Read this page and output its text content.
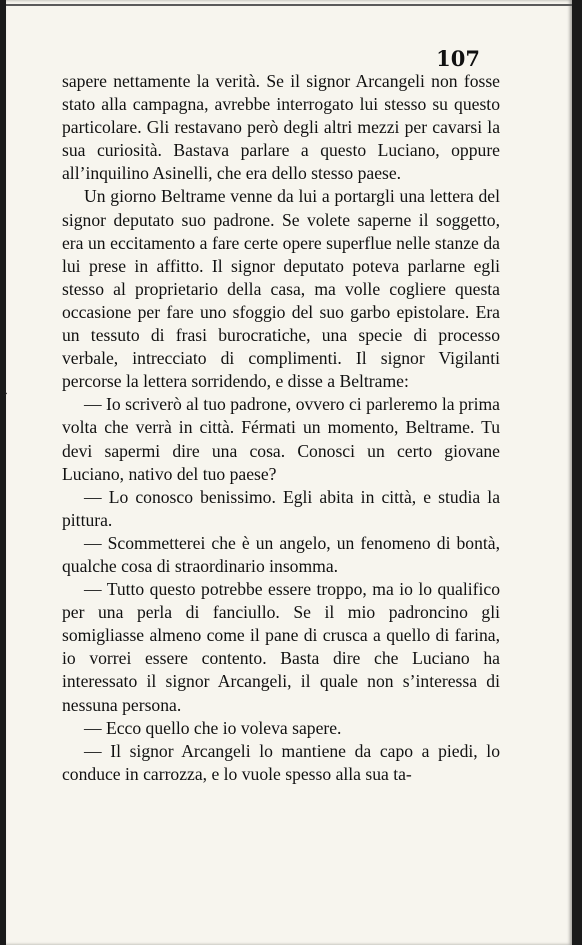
›
107

sapere nettamente la verità. Se il signor Arcangeli non fosse stato alla campagna, avrebbe interrogato lui stesso su questo particolare. Gli restavano però degli altri mezzi per cavarsi la sua curiosità. Bastava parlare a questo Luciano, oppure all’inquilino Asinelli, che era dello stesso paese.

Un giorno Beltrame venne da lui a portargli una lettera del signor deputato suo padrone. Se volete saperne il soggetto, era un eccitamento a fare certe opere superflue nelle stanze da lui prese in affitto. Il signor deputato poteva parlarne egli stesso al proprietario della casa, ma volle cogliere questa occasione per fare uno sfoggio del suo garbo epistolare. Era un tessuto di frasi burocratiche, una specie di processo verbale, intrecciato di complimenti. Il signor Vigilanti percorse la lettera sorridendo, e disse a Beltrame:

— Io scriverò al tuo padrone, ovvero ci parleremo la prima volta che verrà in città. Férmati un momento, Beltrame. Tu devi sapermi dire una cosa. Conosci un certo giovane Luciano, nativo del tuo paese?

— Lo conosco benissimo. Egli abita in città, e studia la pittura.

— Scommetterei che è un angelo, un fenomeno di bontà, qualche cosa di straordinario insomma.

— Tutto questo potrebbe essere troppo, ma io lo qualifico per una perla di fanciullo. Se il mio padroncino gli somigliasse almeno come il pane di crusca a quello di farina, io vorrei essere contento. Basta dire che Luciano ha interessato il signor Arcangeli, il quale non s’interessa di nessuna persona.

— Ecco quello che io voleva sapere.

— Il signor Arcangeli lo mantiene da capo a piedi, lo conduce in carrozza, e lo vuole spesso alla sua ta-
